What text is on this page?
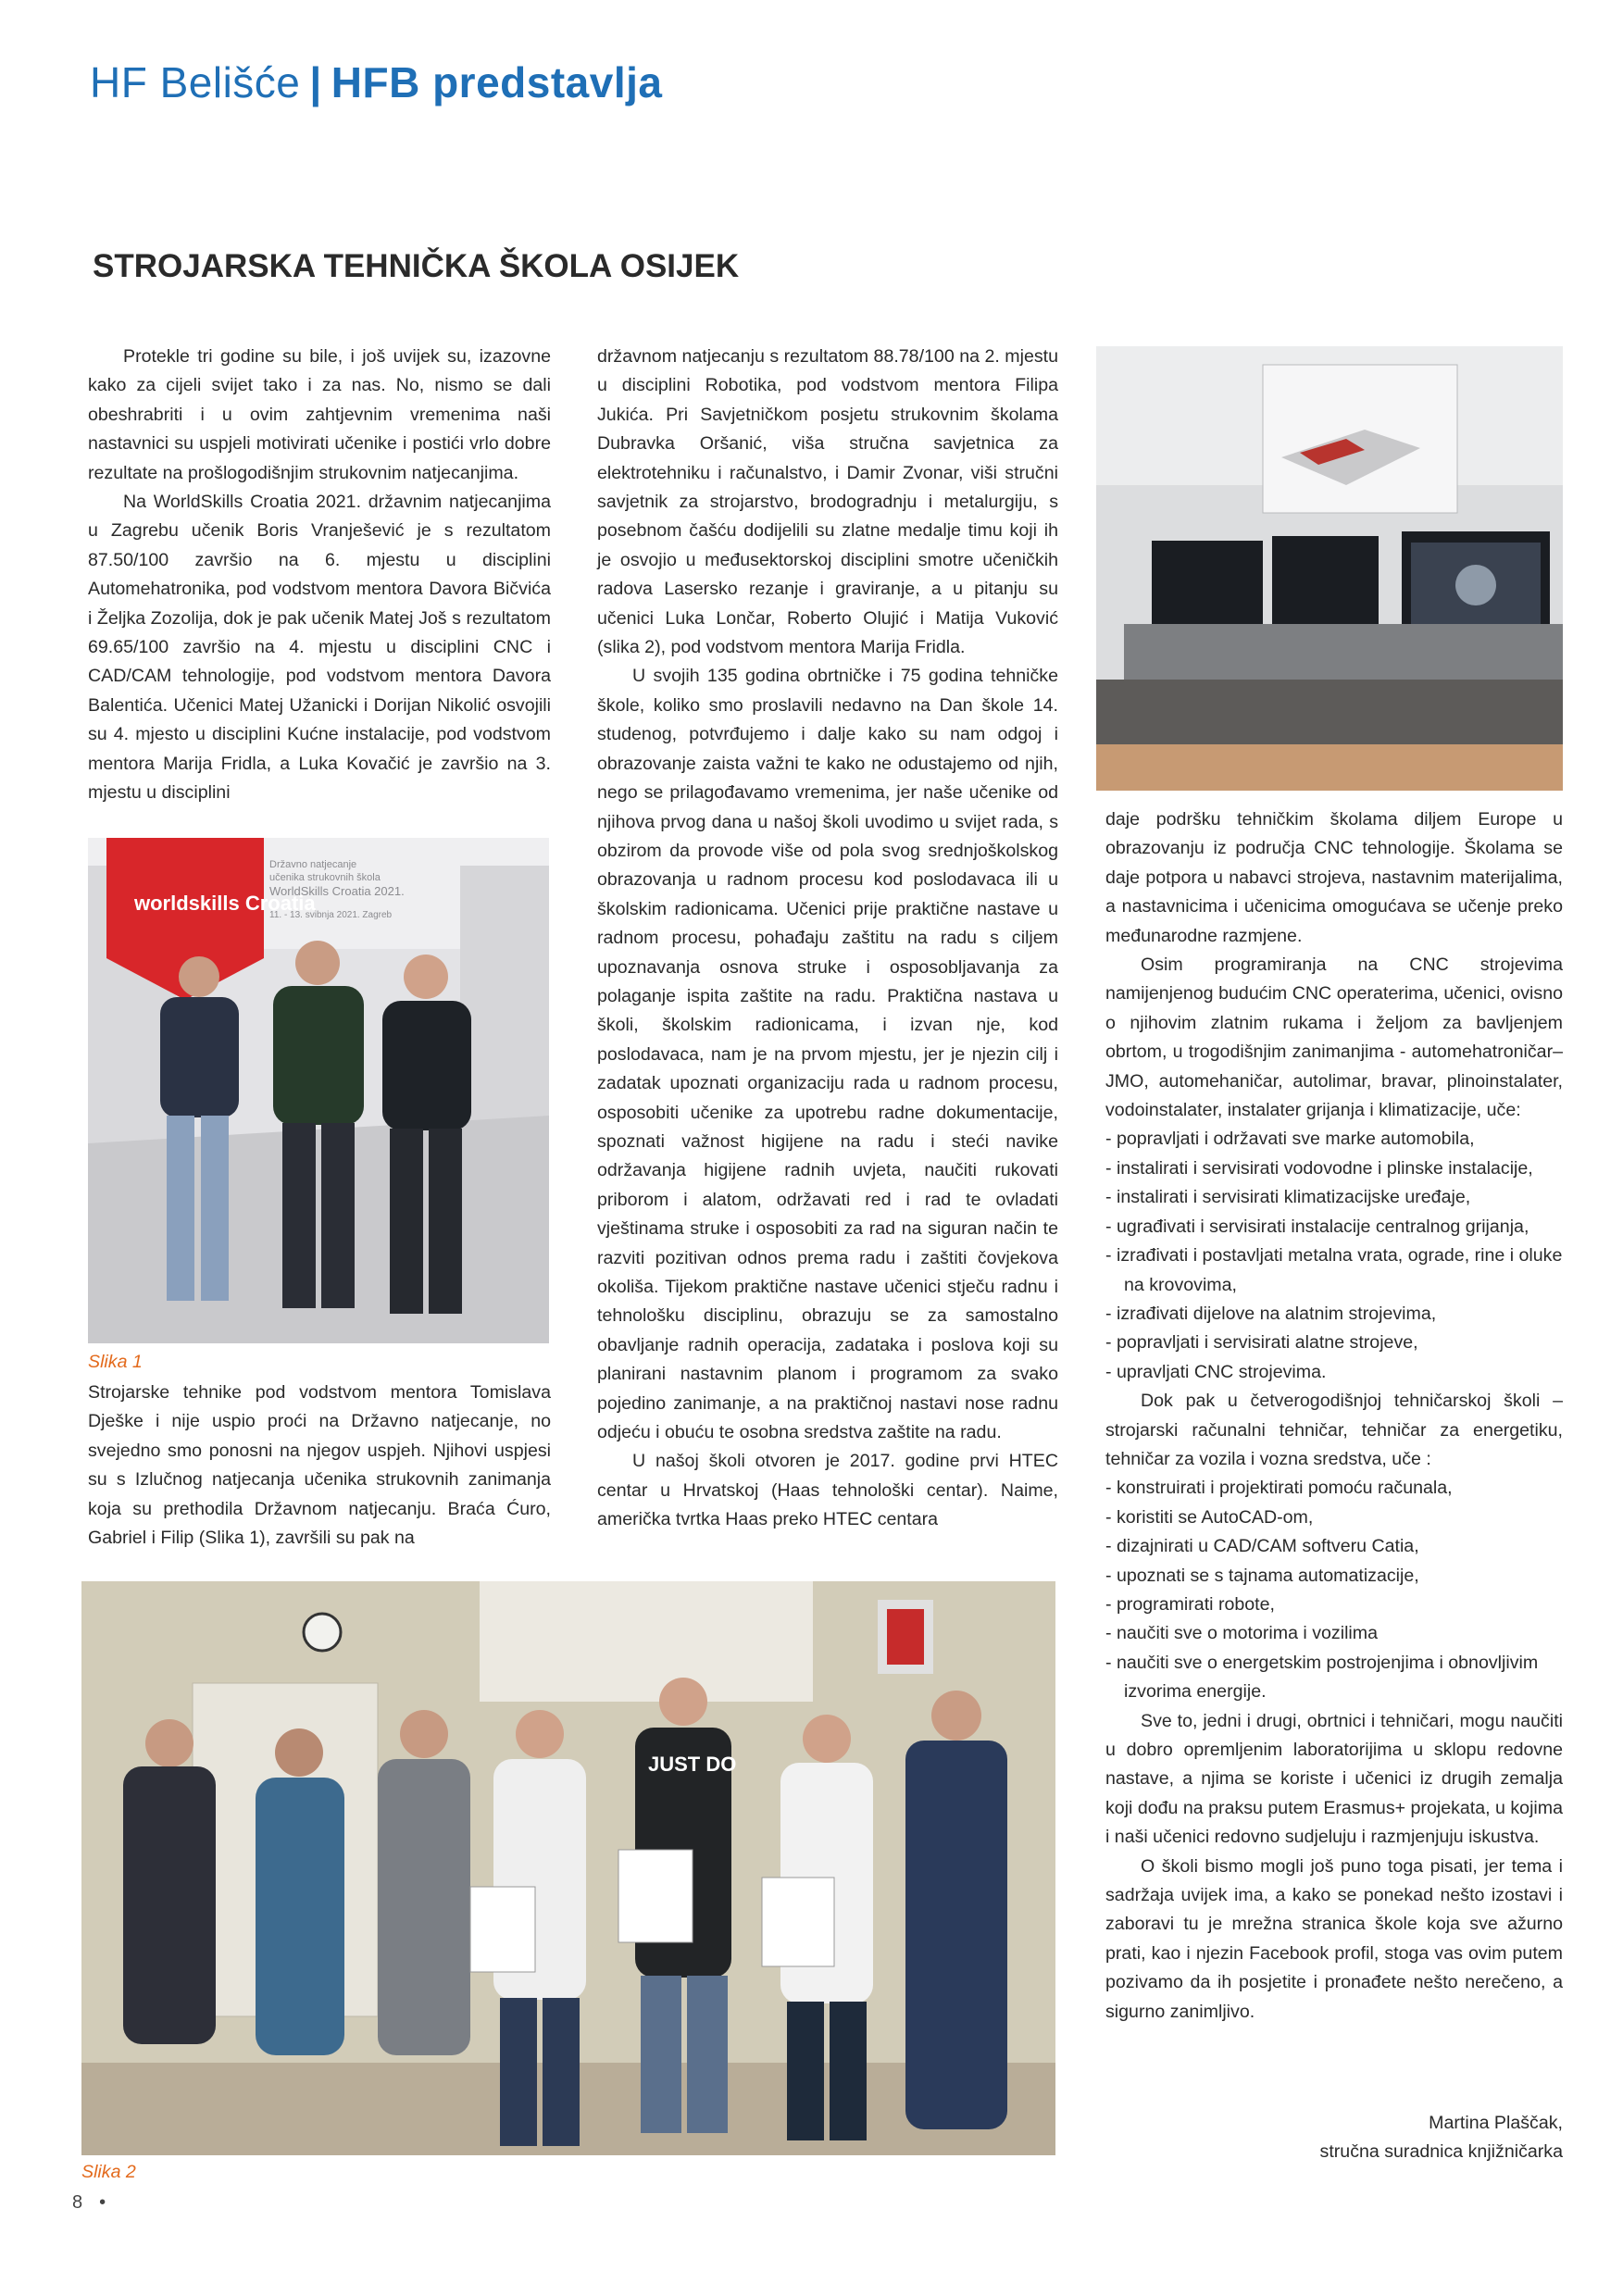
HF Belišće | HFB predstavlja
STROJARSKA TEHNIČKA ŠKOLA OSIJEK

Protekle tri godine su bile, i još uvijek su, izazovne kako za cijeli svijet tako i za nas. No, nismo se dali obeshrabriti i u ovim zahtjevnim vremenima naši nastavnici su uspjeli motivirati učenike i postići vrlo dobre rezultate na prošlogodišnjim strukovnim natjecanjima.

Na WorldSkills Croatia 2021. državnim natjecanjima u Zagrebu učenik Boris Vranješević je s rezultatom 87.50/100 završio na 6. mjestu u disciplini Automehatronika, pod vodstvom mentora Davora Bičvića i Željka Zozolija, dok je pak učenik Matej Još s rezultatom 69.65/100 završio na 4. mjestu u disciplini CNC i CAD/CAM tehnologije, pod vodstvom mentora Davora Balentića. Učenici Matej Užanicki i Dorijan Nikolić osvojili su 4. mjesto u disciplini Kućne instalacije, pod vodstvom mentora Marija Fridla, a Luka Kovačić je završio na 3. mjestu u disciplini

worldskills Croatia
Državno natjecanje
učenika strukovnih škola
WorldSkills Croatia 2021.
11. - 13. svibnja 2021. Zagreb
Slika 1

Strojarske tehnike pod vodstvom mentora Tomislava Dješke i nije uspio proći na Državno natjecanje, no svejedno smo ponosni na njegov uspjeh. Njihovi uspjesi su s Izlučnog natjecanja učenika strukovnih zanimanja koja su prethodila Državnom natjecanju. Braća Ćuro, Gabriel i Filip (Slika 1), završili su pak na

državnom natjecanju s rezultatom 88.78/100 na 2. mjestu u disciplini Robotika, pod vodstvom mentora Filipa Jukića. Pri Savjetničkom posjetu strukovnim školama Dubravka Oršanić, viša stručna savjetnica za elektrotehniku i računalstvo, i Damir Zvonar, viši stručni savjetnik za strojarstvo, brodogradnju i metalurgiju, s posebnom čašću dodijelili su zlatne medalje timu koji ih je osvojio u međusektorskoj disciplini smotre učeničkih radova Lasersko rezanje i graviranje, a u pitanju su učenici Luka Lončar, Roberto Olujić i Matija Vuković (slika 2), pod vodstvom mentora Marija Fridla.

U svojih 135 godina obrtničke i 75 godina tehničke škole, koliko smo proslavili nedavno na Dan škole 14. studenog, potvrđujemo i dalje kako su nam odgoj i obrazovanje zaista važni te kako ne odustajemo od njih, nego se prilagođavamo vremenima, jer naše učenike od njihova prvog dana u našoj školi uvodimo u svijet rada, s obzirom da provode više od pola svog srednjoškolskog obrazovanja u radnom procesu kod poslodavaca ili u školskim radionicama. Učenici prije praktične nastave u radnom procesu, pohađaju zaštitu na radu s ciljem upoznavanja osnova struke i osposobljavanja za polaganje ispita zaštite na radu. Praktična nastava u školi, školskim radionicama, i izvan nje, kod poslodavaca, nam je na prvom mjestu, jer je njezin cilj i zadatak upoznati organizaciju rada u radnom procesu, osposobiti učenike za upotrebu radne dokumentacije, spoznati važnost higijene na radu i steći navike održavanja higijene radnih uvjeta, naučiti rukovati priborom i alatom, održavati red i rad te ovladati vještinama struke i osposobiti za rad na siguran način te razviti pozitivan odnos prema radu i zaštiti čovjekova okoliša. Tijekom praktične nastave učenici stječu radnu i tehnološku disciplinu, obrazuju se za samostalno obavljanje radnih operacija, zadataka i poslova koji su planirani nastavnim planom i programom za svako pojedino zanimanje, a na praktičnoj nastavi nose radnu odjeću i obuću te osobna sredstva zaštite na radu.

U našoj školi otvoren je 2017. godine prvi HTEC centar u Hrvatskoj (Haas tehnološki centar). Naime, američka tvrtka Haas preko HTEC centara

daje podršku tehničkim školama diljem Europe u obrazovanju iz područja CNC tehnologije. Školama se daje potpora u nabavci strojeva, nastavnim materijalima, a nastavnicima i učenicima omogućava se učenje preko međunarodne razmjene.

Osim programiranja na CNC strojevima namijenjenog budućim CNC operaterima, učenici, ovisno o njihovim zlatnim rukama i željom za bavljenjem obrtom, u trogodišnjim zanimanjima - automehatroničar–JMO, automehaničar, autolimar, bravar, plinoinstalater, vodoinstalater, instalater grijanja i klimatizacije, uče:

- popravljati i održavati sve marke automobila,
- instalirati i servisirati vodovodne i plinske instalacije,
- instalirati i servisirati klimatizacijske uređaje,
- ugrađivati i servisirati instalacije centralnog grijanja,
- izrađivati i postavljati metalna vrata, ograde, rine i oluke na krovovima,
- izrađivati dijelove na alatnim strojevima,
- popravljati i servisirati alatne strojeve,
- upravljati CNC strojevima.

Dok pak u četverogodišnjoj tehničarskoj školi – strojarski računalni tehničar, tehničar za energetiku, tehničar za vozila i vozna sredstva, uče :

- konstruirati i projektirati pomoću računala,
- koristiti se AutoCAD-om,
- dizajnirati u CAD/CAM softveru Catia,
- upoznati se s tajnama automatizacije,
- programirati robote,
- naučiti sve o motorima i vozilima
- naučiti sve o energetskim postrojenjima i obnovljivim izvorima energije.

Sve to, jedni i drugi, obrtnici i tehničari, mogu naučiti u dobro opremljenim laboratorijima u sklopu redovne nastave, a njima se koriste i učenici iz drugih zemalja koji dođu na praksu putem Erasmus+ projekata, u kojima i naši učenici redovno sudjeluju i razmjenjuju iskustva.

O školi bismo mogli još puno toga pisati, jer tema i sadržaja uvijek ima, a kako se ponekad nešto izostavi i zaboravi tu je mrežna stranica škole koja sve ažurno prati, kao i njezin Facebook profil, stoga vas ovim putem pozivamo da ih posjetite i pronađete nešto nerečeno, a sigurno zanimljivo.

JUST DO
Slika 2
Martina Plaščak,
stručna suradnica knjižničarka
8 •
